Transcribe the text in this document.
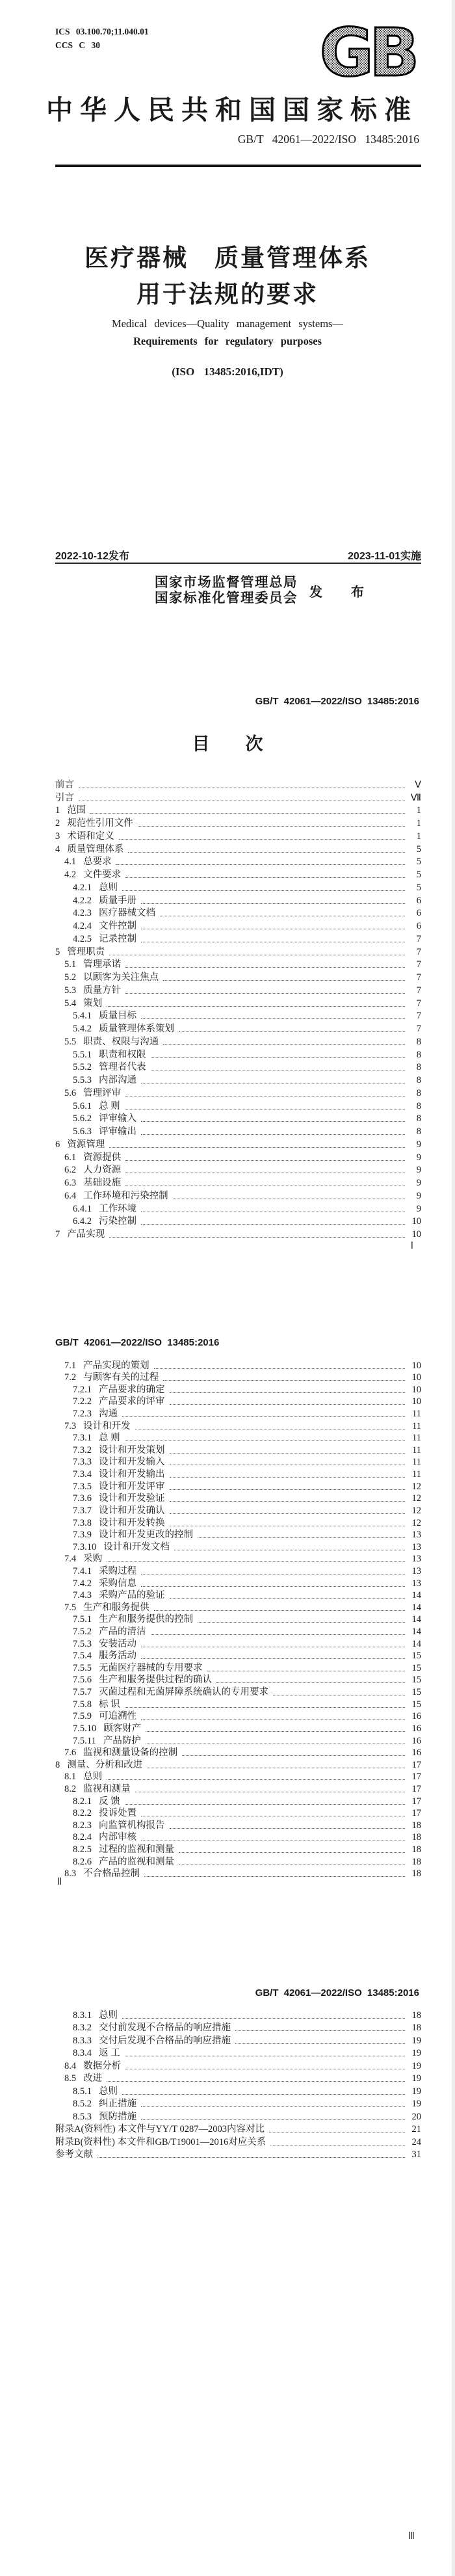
ICS 03.100.70;11.040.01
CCS C 30	GB
中华人民共和国国家标准
GB/T 42061—2022/ISO 13485:2016
医疗器械　质量管理体系
用于法规的要求
Medical devices—Quality management systems—
Requirements for regulatory purposes
(ISO 13485:2016,IDT)
2022-10-12发布	2023-11-01实施
国家市场监督管理总局
国家标准化管理委员会 发　布
GB/T 42061—2022/ISO 13485:2016
目　次
前言	Ⅴ
引言	Ⅶ
1 范围	1
2 规范性引用文件	1
3 术语和定义	1
4 质量管理体系	5
4.1 总要求	5
4.2 文件要求	5
4.2.1 总则	5
4.2.2 质量手册	6
4.2.3 医疗器械文档	6
4.2.4 文件控制	6
4.2.5 记录控制	7
5 管理职责	7
5.1 管理承诺	7
5.2 以顾客为关注焦点	7
5.3 质量方针	7
5.4 策划	7
5.4.1 质量目标	7
5.4.2 质量管理体系策划	7
5.5 职责、权限与沟通	8
5.5.1 职责和权限	8
5.5.2 管理者代表	8
5.5.3 内部沟通	8
5.6 管理评审	8
5.6.1 总 则	8
5.6.2 评审输入	8
5.6.3 评审输出	8
6 资源管理	9
6.1 资源提供	9
6.2 人力资源	9
6.3 基础设施	9
6.4 工作环境和污染控制	9
6.4.1 工作环境	9
6.4.2 污染控制	10
7 产品实现	10
Ⅰ
GB/T 42061—2022/ISO 13485:2016
7.1 产品实现的策划	10
7.2 与顾客有关的过程	10
7.2.1 产品要求的确定	10
7.2.2 产品要求的评审	10
7.2.3 沟通	11
7.3 设计和开发	11
7.3.1 总 则	11
7.3.2 设计和开发策划	11
7.3.3 设计和开发输入	11
7.3.4 设计和开发输出	11
7.3.5 设计和开发评审	12
7.3.6 设计和开发验证	12
7.3.7 设计和开发确认	12
7.3.8 设计和开发转换	12
7.3.9 设计和开发更改的控制	13
7.3.10 设计和开发文档	13
7.4 采购	13
7.4.1 采购过程	13
7.4.2 采购信息	13
7.4.3 采购产品的验证	14
7.5 生产和服务提供	14
7.5.1 生产和服务提供的控制	14
7.5.2 产品的清洁	14
7.5.3 安装活动	14
7.5.4 服务活动	15
7.5.5 无菌医疗器械的专用要求	15
7.5.6 生产和服务提供过程的确认	15
7.5.7 灭菌过程和无菌屏障系统确认的专用要求	15
7.5.8 标 识	15
7.5.9 可追溯性	16
7.5.10 顾客财产	16
7.5.11 产品防护	16
7.6 监视和测量设备的控制	16
8 测量、分析和改进	17
8.1 总则	17
8.2 监视和测量	17
8.2.1 反 馈	17
8.2.2 投诉处置	17
8.2.3 向监管机构报告	18
8.2.4 内部审核	18
8.2.5 过程的监视和测量	18
8.2.6 产品的监视和测量	18
8.3 不合格品控制	18
Ⅱ
GB/T 42061—2022/ISO 13485:2016
8.3.1 总则	18
8.3.2 交付前发现不合格品的响应措施	18
8.3.3 交付后发现不合格品的响应措施	19
8.3.4 返 工	19
8.4 数据分析	19
8.5 改进	19
8.5.1 总则	19
8.5.2 纠正措施	19
8.5.3 预防措施	20
附录A(资料性) 本文件与YY/T 0287—2003内容对比	21
附录B(资料性) 本文件和GB/T19001—2016对应关系	24
参考文献	31
Ⅲ
